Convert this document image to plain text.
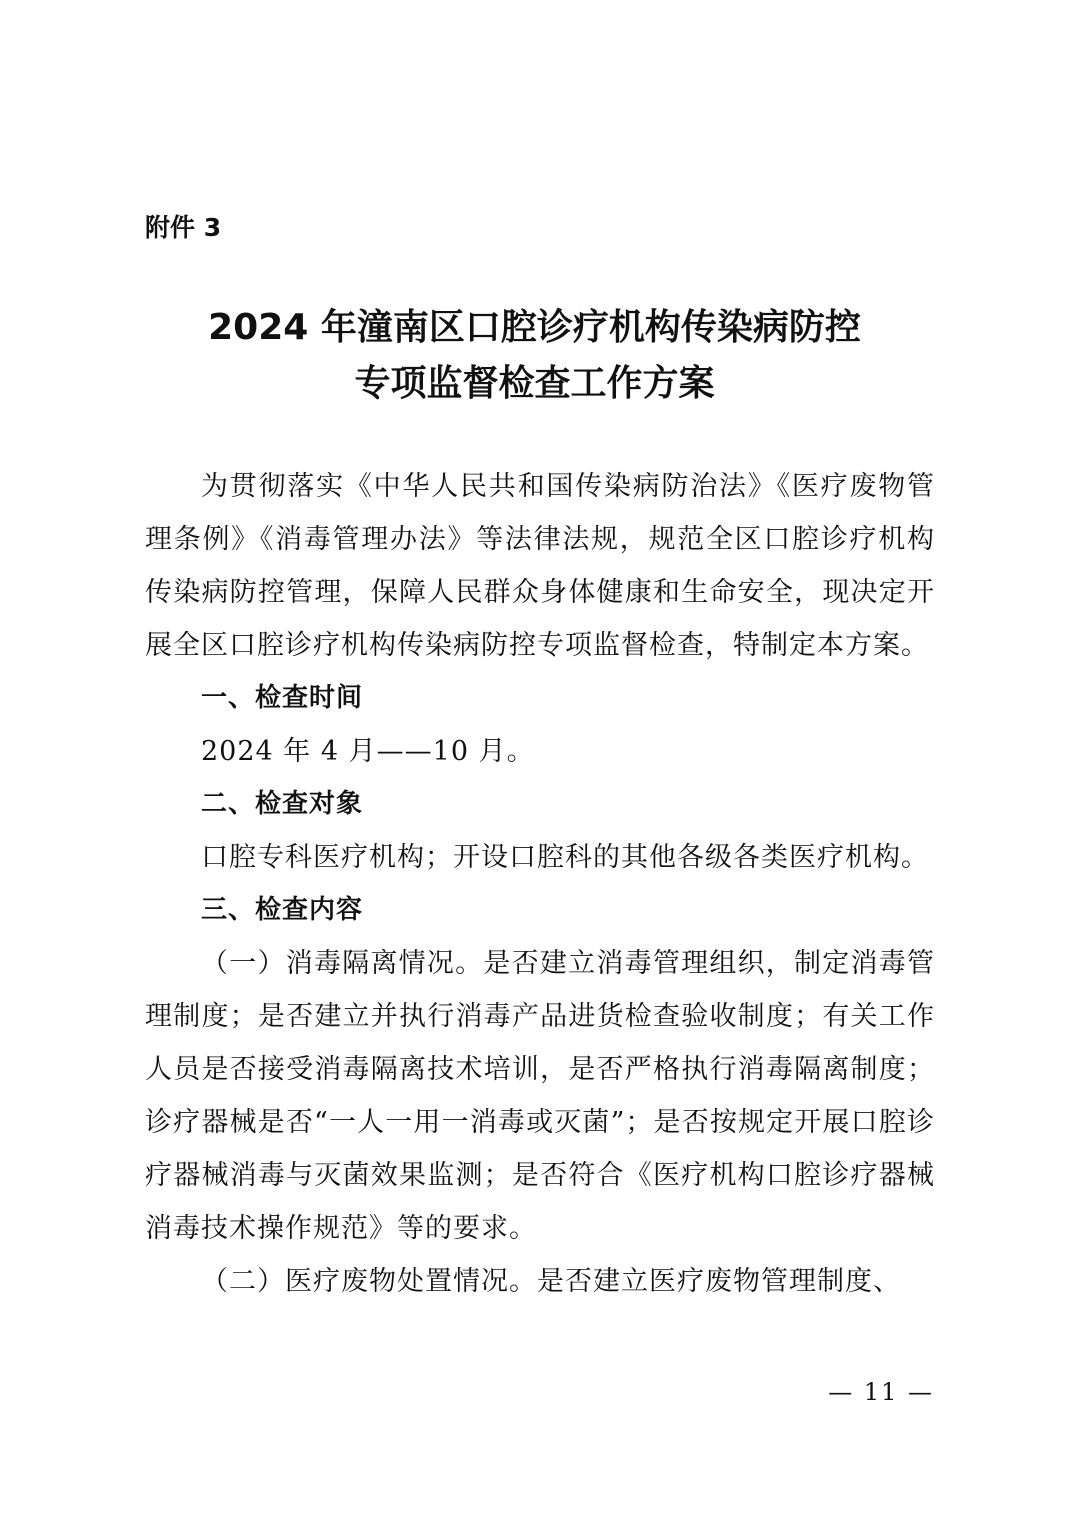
附件 3
2024 年潼南区口腔诊疗机构传染病防控
专项监督检查工作方案

为贯彻落实《中华人民共和国传染病防治法》《医疗废物管理条例》《消毒管理办法》等法律法规，规范全区口腔诊疗机构传染病防控管理，保障人民群众身体健康和生命安全，现决定开展全区口腔诊疗机构传染病防控专项监督检查，特制定本方案。

一、检查时间

2024 年 4 月——10 月。

二、检查对象

口腔专科医疗机构；开设口腔科的其他各级各类医疗机构。

三、检查内容

（一）消毒隔离情况。是否建立消毒管理组织，制定消毒管理制度；是否建立并执行消毒产品进货检查验收制度；有关工作人员是否接受消毒隔离技术培训，是否严格执行消毒隔离制度；诊疗器械是否“一人一用一消毒或灭菌”；是否按规定开展口腔诊疗器械消毒与灭菌效果监测；是否符合《医疗机构口腔诊疗器械消毒技术操作规范》等的要求。

（二）医疗废物处置情况。是否建立医疗废物管理制度、

— 11 —
